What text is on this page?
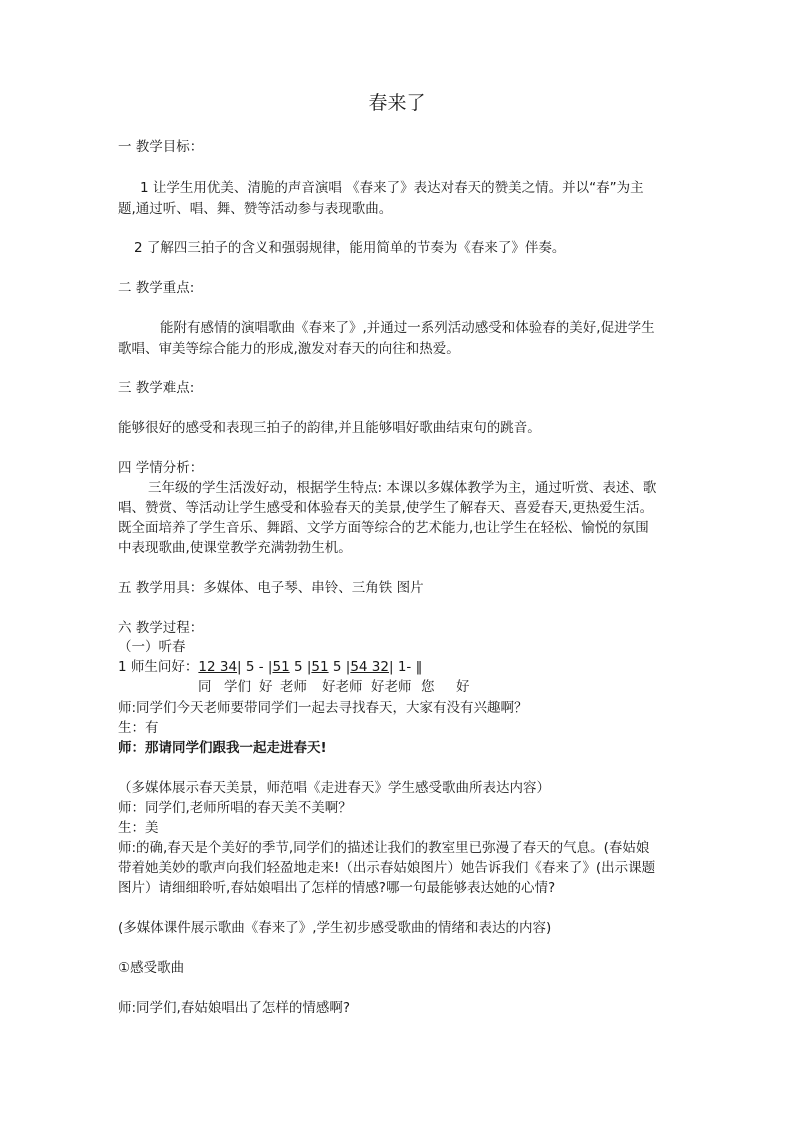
春来了
一 教学目标：
1 让学生用优美、清脆的声音演唱 《春来了》表达对春天的赞美之情。并以“春”为主
题,通过听、唱、舞、赞等活动参与表现歌曲。
2 了解四三拍子的含义和强弱规律，能用简单的节奏为《春来了》伴奏。
二 教学重点:
能附有感情的演唱歌曲《春来了》,并通过一系列活动感受和体验春的美好,促进学生
歌唱、审美等综合能力的形成,激发对春天的向往和热爱。
三 教学难点:
能够很好的感受和表现三拍子的韵律,并且能够唱好歌曲结束句的跳音。
四 学情分析：
三年级的学生活泼好动，根据学生特点: 本课以多媒体教学为主，通过听赏、表述、歌
唱、赞赏、等活动让学生感受和体验春天的美景,使学生了解春天、喜爱春天,更热爱生活。
既全面培养了学生音乐、舞蹈、文学方面等综合的艺术能力,也让学生在轻松、愉悦的氛围
中表现歌曲,使课堂教学充满勃勃生机。
五 教学用具：多媒体、电子琴、串铃、三角铁 图片
六 教学过程：
（一）听春
1 师生问好：12 34| 5 - |51 5 |51 5 |54 32| 1- ‖
同 学们 好 老师 好老师 好老师 您 好
师:同学们今天老师要带同学们一起去寻找春天，大家有没有兴趣啊？
生：有
师：那请同学们跟我一起走进春天!
（多媒体展示春天美景，师范唱《走进春天》学生感受歌曲所表达内容）
师：同学们,老师所唱的春天美不美啊？
生：美
师:的确,春天是个美好的季节,同学们的描述让我们的教室里已弥漫了春天的气息。(春姑娘
带着她美妙的歌声向我们轻盈地走来!（出示春姑娘图片）她告诉我们《春来了》(出示课题
图片）请细细聆听,春姑娘唱出了怎样的情感?哪一句最能够表达她的心情?
(多媒体课件展示歌曲《春来了》,学生初步感受歌曲的情绪和表达的内容)
①感受歌曲
师:同学们,春姑娘唱出了怎样的情感啊?
